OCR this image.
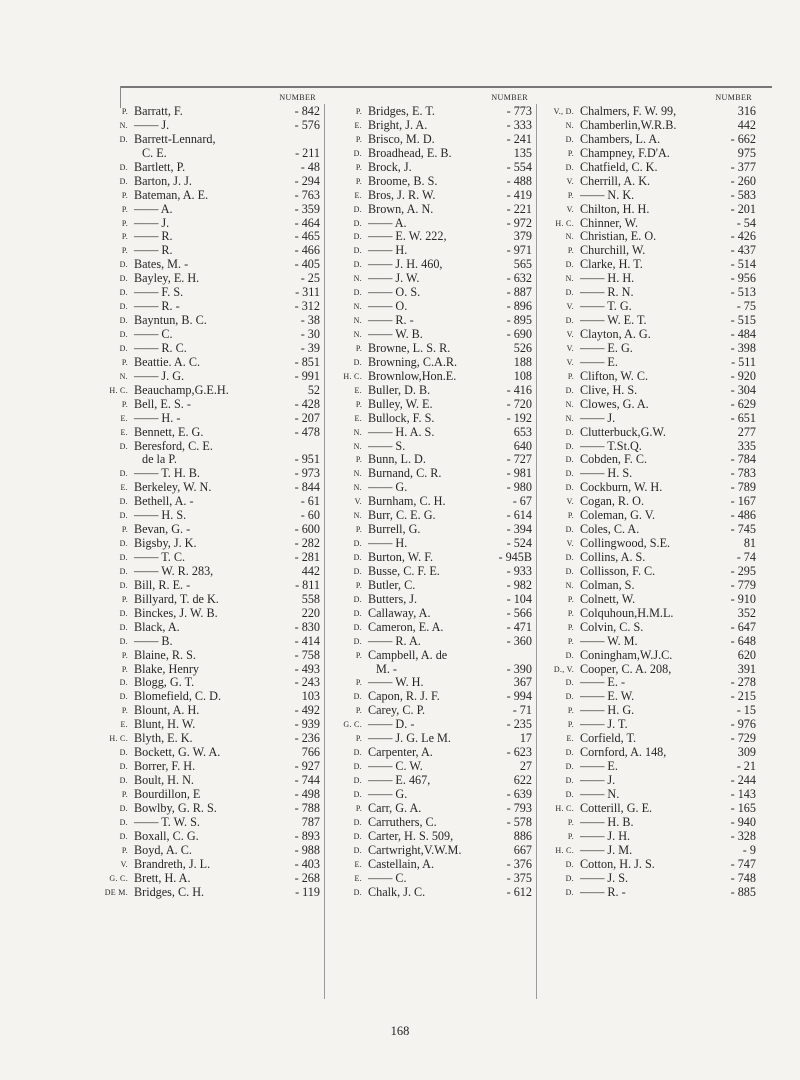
NUMBER
P. Barratt, F.	- 842
N. —— J.	- 576
D. Barrett-Lennard,
C. E.	- 211
D. Bartlett, P.	- 48
D. Barton, J. J.	- 294
P. Bateman, A. E.	- 763
P. —— A.	- 359
P. —— J.	- 464
P. —— R.	- 465
P. —— R.	- 466
D. Bates, M. -	- 405
D. Bayley, E. H.	- 25
D. —— F. S.	- 311
D. —— R. -	- 312
D. Bayntun, B. C.	- 38
D. —— C.	- 30
D. —— R. C.	- 39
P. Beattie. A. C.	- 851
N. —— J. G.	- 991
H. C. Beauchamp,G.E.H.	52
P. Bell, E. S. -	- 428
E. —— H. -	- 207
E. Bennett, E. G.	- 478
D. Beresford, C. E.
de la P.	- 951
D. —— T. H. B.	- 973
E. Berkeley, W. N.	- 844
D. Bethell, A. -	- 61
D. —— H. S.	- 60
P. Bevan, G. -	- 600
D. Bigsby, J. K.	- 282
D. —— T. C.	- 281
D. —— W. R. 283,	442
D. Bill, R. E. -	- 811
P. Billyard, T. de K.	558
D. Binckes, J. W. B.	220
D. Black, A.	- 830
D. —— B.	- 414
P. Blaine, R. S.	- 758
P. Blake, Henry	- 493
D. Blogg, G. T.	- 243
D. Blomefield, C. D.	103
P. Blount, A. H.	- 492
E. Blunt, H. W.	- 939
H. C. Blyth, E. K.	- 236
D. Bockett, G. W. A.	766
D. Borrer, F. H.	- 927
D. Boult, H. N.	- 744
P. Bourdillon, E	- 498
D. Bowlby, G. R. S.	- 788
D. —— T. W. S.	787
D. Boxall, C. G.	- 893
P. Boyd, A. C.	- 988
V. Brandreth, J. L.	- 403
G. C. Brett, H. A.	- 268
DE M. Bridges, C. H.	- 119
NUMBER
P. Bridges, E. T.	- 773
E. Bright, J. A.	- 333
P. Brisco, M. D.	- 241
D. Broadhead, E. B.	135
P. Brock, J.	- 554
P. Broome, B. S.	- 488
E. Bros, J. R. W.	- 419
D. Brown, A. N.	- 221
D. —— A.	- 972
D. —— E. W. 222,	379
D. —— H.	- 971
D. —— J. H. 460,	565
N. —— J. W.	- 632
D. —— O. S.	- 887
N. —— O.	- 896
N. —— R. -	- 895
N. —— W. B.	- 690
P. Browne, L. S. R.	526
D. Browning, C.A.R.	188
H. C. Brownlow,Hon.E.	108
E. Buller, D. B.	- 416
P. Bulley, W. E.	- 720
E. Bullock, F. S.	- 192
N. —— H. A. S.	653
N. —— S.	640
P. Bunn, L. D.	- 727
N. Burnand, C. R.	- 981
N. —— G.	- 980
V. Burnham, C. H.	- 67
N. Burr, C. E. G.	- 614
P. Burrell, G.	- 394
D. —— H.	- 524
D. Burton, W. F.	- 945B
D. Busse, C. F. E.	- 933
P. Butler, C.	- 982
D. Butters, J.	- 104
D. Callaway, A.	- 566
D. Cameron, E. A.	- 471
D. —— R. A.	- 360
P. Campbell, A. de
M. -	- 390
P. —— W. H.	367
D. Capon, R. J. F.	- 994
P. Carey, C. P.	- 71
G. C. —— D. -	- 235
P. —— J. G. Le M.	17
D. Carpenter, A.	- 623
D. —— C. W.	27
D. —— E. 467,	622
D. —— G.	- 639
P. Carr, G. A.	- 793
D. Carruthers, C.	- 578
D. Carter, H. S. 509,	886
D. Cartwright,V.W.M.	667
E. Castellain, A.	- 376
E. —— C.	- 375
D. Chalk, J. C.	- 612
NUMBER
V., D. Chalmers, F. W. 99,	316
N. Chamberlin,W.R.B.	442
D. Chambers, L. A.	- 662
P. Champney, F.D'A.	975
D. Chatfield, C. K.	- 377
V. Cherrill, A. K.	- 260
P. —— N. K.	- 583
V. Chilton, H. H.	- 201
H. C. Chinner, W.	- 54
N. Christian, E. O.	- 426
P. Churchill, W.	- 437
D. Clarke, H. T.	- 514
N. —— H. H.	- 956
D. —— R. N.	- 513
V. —— T. G.	- 75
D. —— W. E. T.	- 515
V. Clayton, A. G.	- 484
V. —— E. G.	- 398
V. —— E.	- 511
P. Clifton, W. C.	- 920
D. Clive, H. S.	- 304
N. Clowes, G. A.	- 629
N. —— J.	- 651
D. Clutterbuck,G.W.	277
D. —— T.St.Q.	335
D. Cobden, F. C.	- 784
D. —— H. S.	- 783
D. Cockburn, W. H.	- 789
V. Cogan, R. O.	- 167
P. Coleman, G. V.	- 486
D. Coles, C. A.	- 745
V. Collingwood, S.E.	81
D. Collins, A. S.	- 74
D. Collisson, F. C.	- 295
N. Colman, S.	- 779
P. Colnett, W.	- 910
P. Colquhoun,H.M.L.	352
P. Colvin, C. S.	- 647
P. —— W. M.	- 648
D. Coningham,W.J.C.	620
D., V. Cooper, C. A. 208,	391
D. —— E. -	- 278
D. —— E. W.	- 215
P. —— H. G.	- 15
P. —— J. T.	- 976
E. Corfield, T.	- 729
D. Cornford, A. 148,	309
D. —— E.	- 21
D. —— J.	- 244
D. —— N.	- 143
H. C. Cotterill, G. E.	- 165
P. —— H. B.	- 940
P. —— J. H.	- 328
H. C. —— J. M.	- 9
D. Cotton, H. J. S.	- 747
D. —— J. S.	- 748
D. —— R. -	- 885
168
